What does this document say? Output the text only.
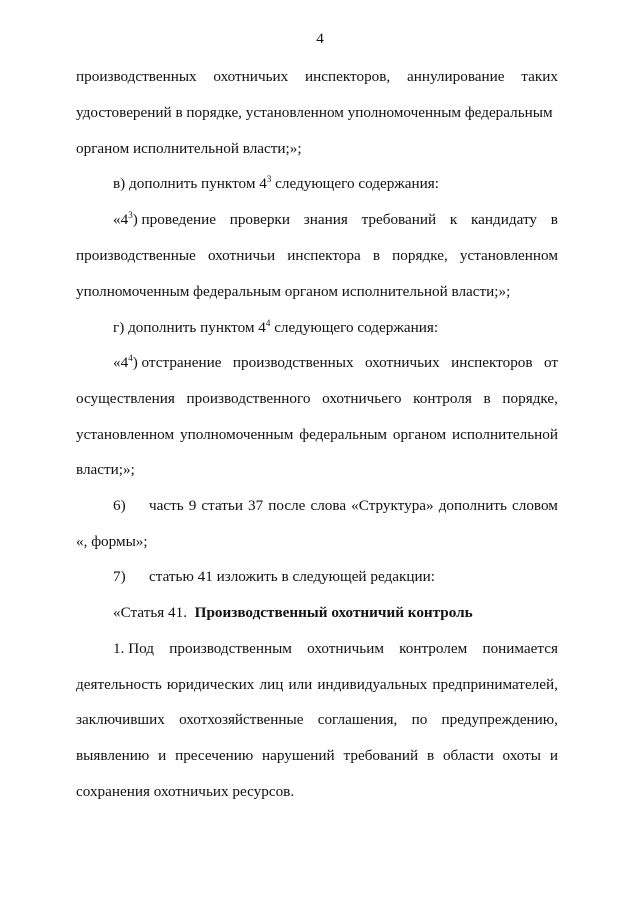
4
производственных охотничьих инспекторов, аннулирование таких
удостоверений в порядке, установленном уполномоченным федеральным
органом исполнительной власти;»;
в) дополнить пунктом $4^3$ следующего содержания:
«$4^3$) проведение проверки знания требований к кандидату в
производственные охотничьи инспектора в порядке, установленном
уполномоченным федеральным органом исполнительной власти;»;
г) дополнить пунктом $4^4$ следующего содержания:
«$4^4$) отстранение производственных охотничьих инспекторов от
осуществления производственного охотничьего контроля в порядке,
установленном уполномоченным федеральным органом исполнительной
власти;»;
6)	часть 9 статьи 37 после слова «Структура» дополнить словом
«, формы»;
7) статью 41 изложить в следующей редакции:
«Статья 41. Производственный охотничий контроль
1. Под производственным охотничьим контролем понимается
деятельность юридических лиц или индивидуальных предпринимателей,
заключивших охотхозяйственные соглашения, по предупреждению,
выявлению и пресечению нарушений требований в области охоты и
сохранения охотничьих ресурсов.
